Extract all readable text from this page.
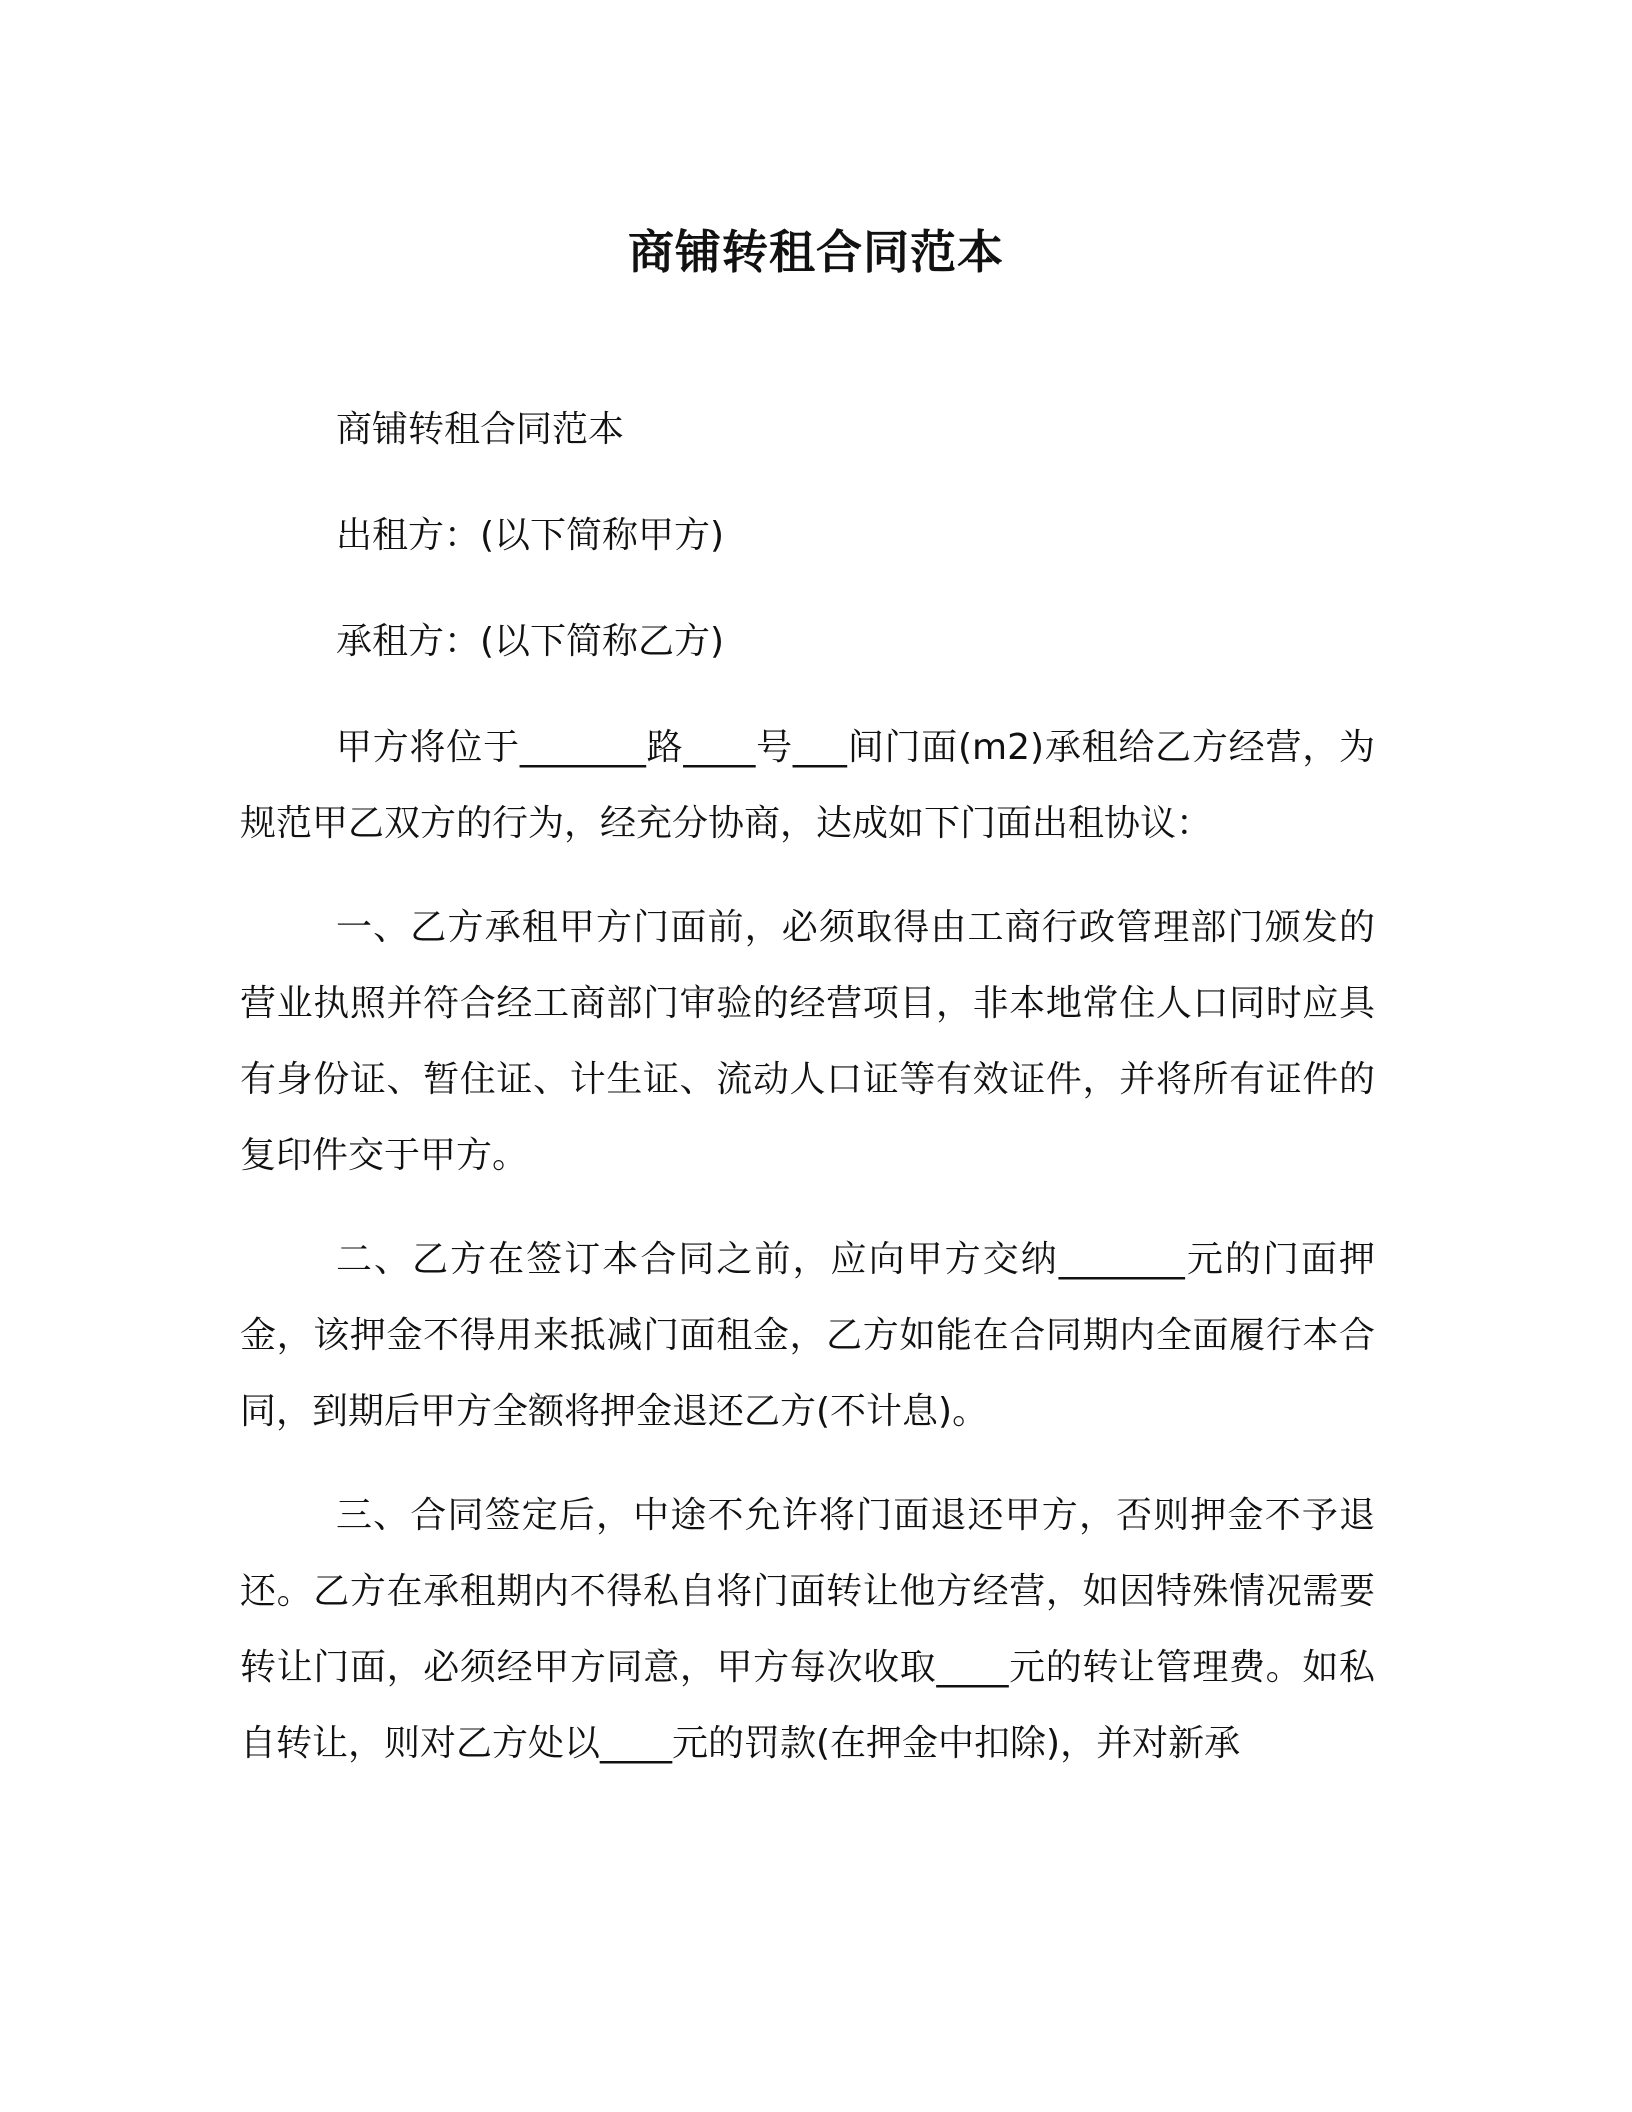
商铺转租合同范本

商铺转租合同范本

出租方：(以下简称甲方)

承租方：(以下简称乙方)

甲方将位于_______路____号___间门面(m2)承租给乙方经营，为规范甲乙双方的行为，经充分协商，达成如下门面出租协议：

一、乙方承租甲方门面前，必须取得由工商行政管理部门颁发的营业执照并符合经工商部门审验的经营项目，非本地常住人口同时应具有身份证、暂住证、计生证、流动人口证等有效证件，并将所有证件的复印件交于甲方。

二、乙方在签订本合同之前，应向甲方交纳_______元的门面押金，该押金不得用来抵减门面租金，乙方如能在合同期内全面履行本合同，到期后甲方全额将押金退还乙方(不计息)。

三、合同签定后，中途不允许将门面退还甲方，否则押金不予退还。乙方在承租期内不得私自将门面转让他方经营，如因特殊情况需要转让门面，必须经甲方同意，甲方每次收取____元的转让管理费。如私自转让，则对乙方处以____元的罚款(在押金中扣除)，并对新承
